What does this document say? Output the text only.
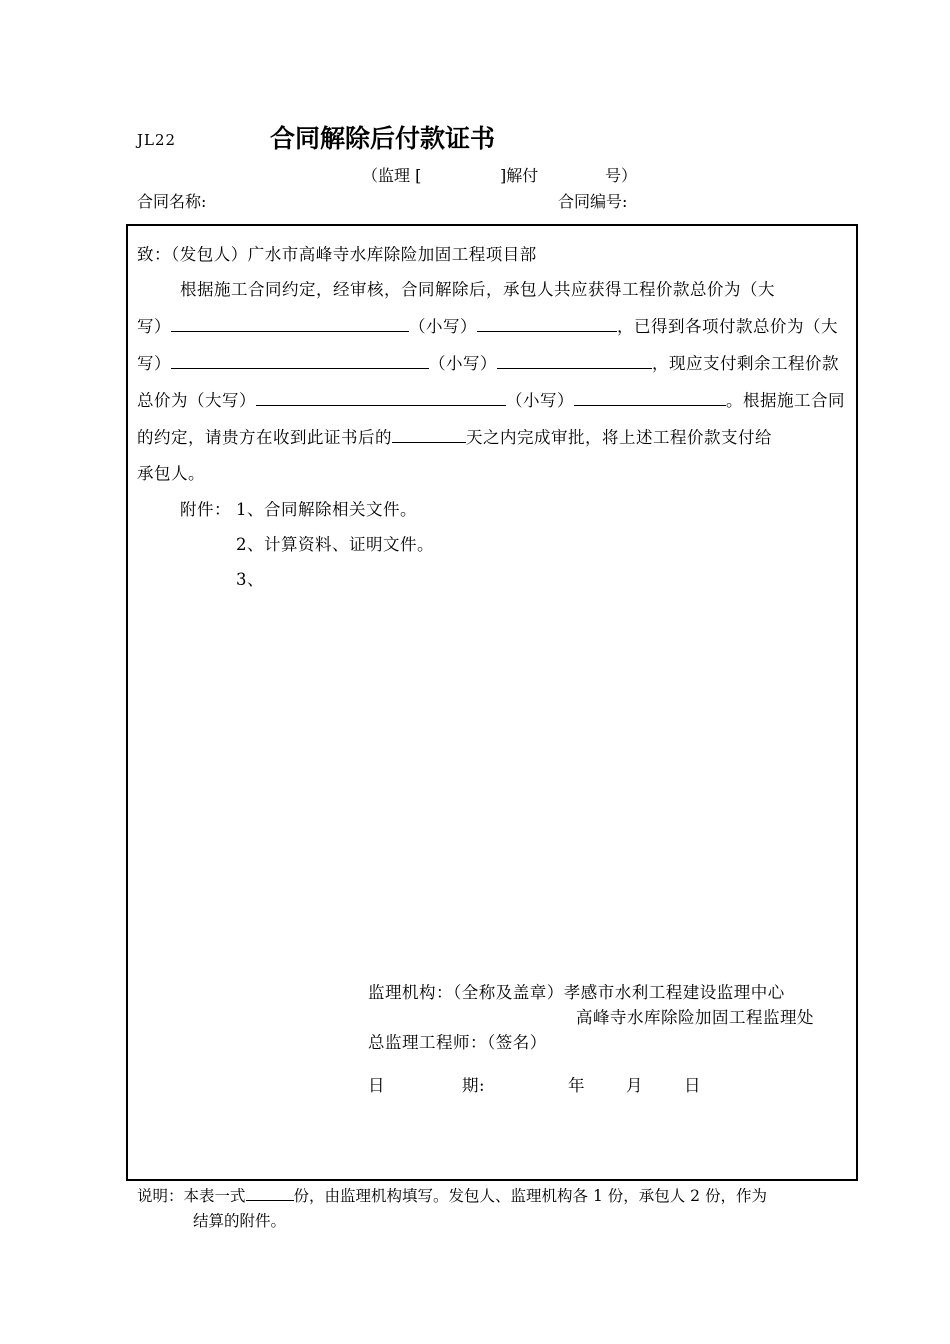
JL22	合同解除后付款证书
（监理 [	]解付	号）
合同名称:	合同编号:
致：（发包人）广水市高峰寺水库除险加固工程项目部
根据施工合同约定，经审核，合同解除后，承包人共应获得工程价款总价为（大
写）	（小写）	，已得到各项付款总价为（大
写）	（小写）	，现应支付剩余工程价款
总价为（大写）	（小写）	。根据施工合同
的约定，请贵方在收到此证书后的	天之内完成审批，将上述工程价款支付给
承包人。
附件： 1、合同解除相关文件。
2、计算资料、证明文件。
3、
监理机构：（全称及盖章）孝感市水利工程建设监理中心
高峰寺水库除险加固工程监理处
总监理工程师：（签名）
日	期:	年 月 日
说明：本表一式	份，由监理机构填写。发包人、监理机构各 1 份，承包人 2 份，作为
结算的附件。
